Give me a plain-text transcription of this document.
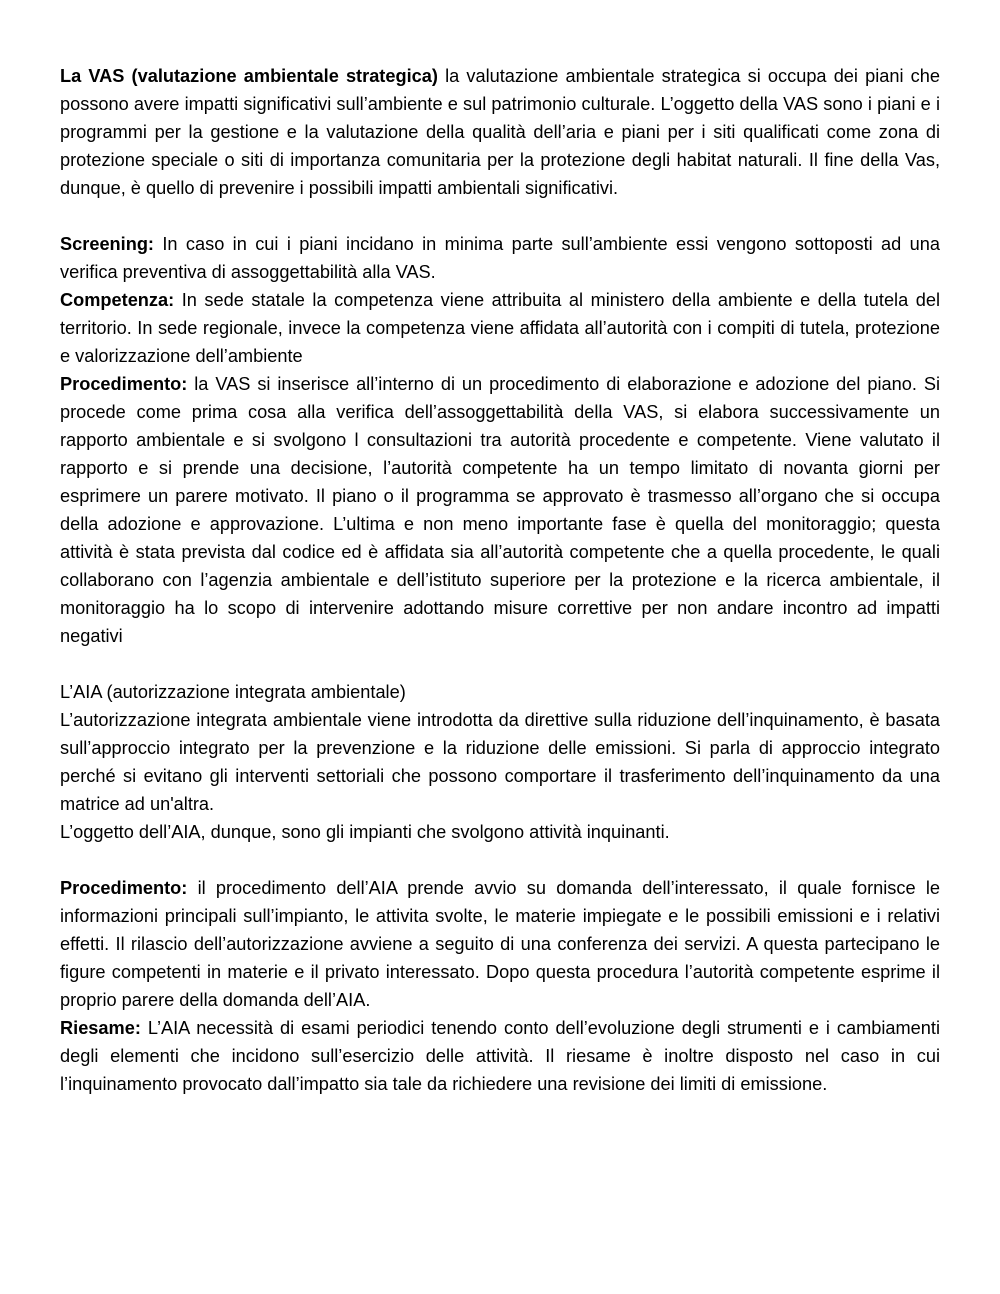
La VAS (valutazione ambientale strategica) la valutazione ambientale strategica si occupa dei piani che possono avere impatti significativi sull’ambiente e sul patrimonio culturale. L’oggetto della VAS sono i piani e i programmi per la gestione e la valutazione della qualità dell’aria e piani per i siti qualificati come zona di protezione speciale o siti di importanza comunitaria per la protezione degli habitat naturali. Il fine della Vas, dunque, è quello di prevenire i possibili impatti ambientali significativi.

Screening: In caso in cui i piani incidano in minima parte sull’ambiente essi vengono sottoposti ad una verifica preventiva di assoggettabilità alla VAS.

Competenza: In sede statale la competenza viene attribuita al ministero della ambiente e della tutela del territorio. In sede regionale, invece la competenza viene affidata all’autorità con i compiti di tutela, protezione e valorizzazione dell’ambiente

Procedimento: la VAS si inserisce all’interno di un procedimento di elaborazione e adozione del piano. Si procede come prima cosa alla verifica dell’assoggettabilità della VAS, si elabora successivamente un rapporto ambientale e si svolgono l consultazioni tra autorità procedente e competente. Viene valutato il rapporto e si prende una decisione, l’autorità competente ha un tempo limitato di novanta giorni per esprimere un parere motivato. Il piano o il programma se approvato è trasmesso all’organo che si occupa della adozione e approvazione. L’ultima e non meno importante fase è quella del monitoraggio; questa attività è stata prevista dal codice ed è affidata sia all’autorità competente che a quella procedente, le quali collaborano con l’agenzia ambientale e dell’istituto superiore per la protezione e la ricerca ambientale, il monitoraggio ha lo scopo di intervenire adottando misure correttive per non andare incontro ad impatti negativi

L’AIA (autorizzazione integrata ambientale)

L’autorizzazione integrata ambientale viene introdotta da direttive sulla riduzione dell’inquinamento, è basata sull’approccio integrato per la prevenzione e la riduzione delle emissioni. Si parla di approccio integrato perché si evitano gli interventi settoriali che possono comportare il trasferimento dell’inquinamento da una matrice ad un'altra.

L’oggetto dell’AIA, dunque, sono gli impianti che svolgono attività inquinanti.

Procedimento: il procedimento dell’AIA prende avvio su domanda dell’interessato, il quale fornisce le informazioni principali sull’impianto, le attivita svolte, le materie impiegate e le possibili emissioni e i relativi effetti. Il rilascio dell’autorizzazione avviene a seguito di una conferenza dei servizi. A questa partecipano le figure competenti in materie e il privato interessato. Dopo questa procedura l’autorità competente esprime il proprio parere della domanda dell’AIA.

Riesame: L’AIA necessità di esami periodici tenendo conto dell’evoluzione degli strumenti e i cambiamenti degli elementi che incidono sull’esercizio delle attività. Il riesame è inoltre disposto nel caso in cui l’inquinamento provocato dall’impatto sia tale da richiedere una revisione dei limiti di emissione.
